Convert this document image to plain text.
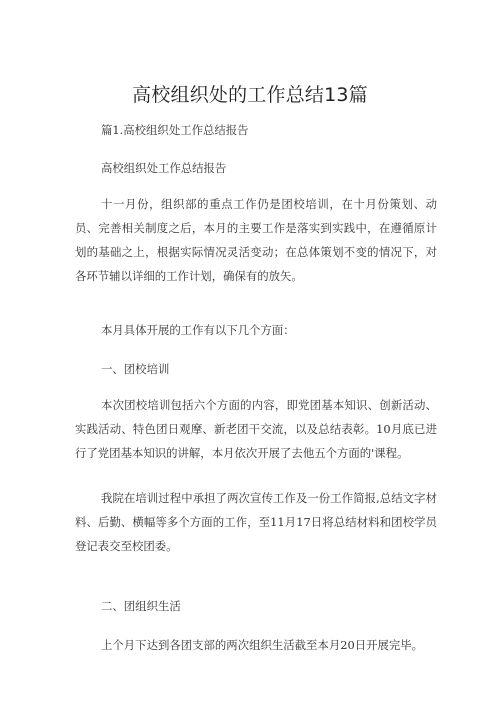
高校组织处的工作总结13篇
篇1.高校组织处工作总结报告
高校组织处工作总结报告
十一月份，组织部的重点工作仍是团校培训，在十月份策划、动员、完善相关制度之后，本月的主要工作是落实到实践中，在遵循原计划的基础之上，根据实际情况灵活变动；在总体策划不变的情况下，对各环节辅以详细的工作计划，确保有的放矢。
本月具体开展的工作有以下几个方面：
一、团校培训
本次团校培训包括六个方面的内容，即党团基本知识、创新活动、实践活动、特色团日观摩、新老团干交流，以及总结表彰。10月底已进行了党团基本知识的讲解，本月依次开展了去他五个方面的'课程。
我院在培训过程中承担了两次宣传工作及一份工作简报,总结文字材料、后勤、横幅等多个方面的工作，至11月17日将总结材料和团校学员登记表交至校团委。
二、团组织生活
上个月下达到各团支部的两次组织生活截至本月20日开展完毕。
